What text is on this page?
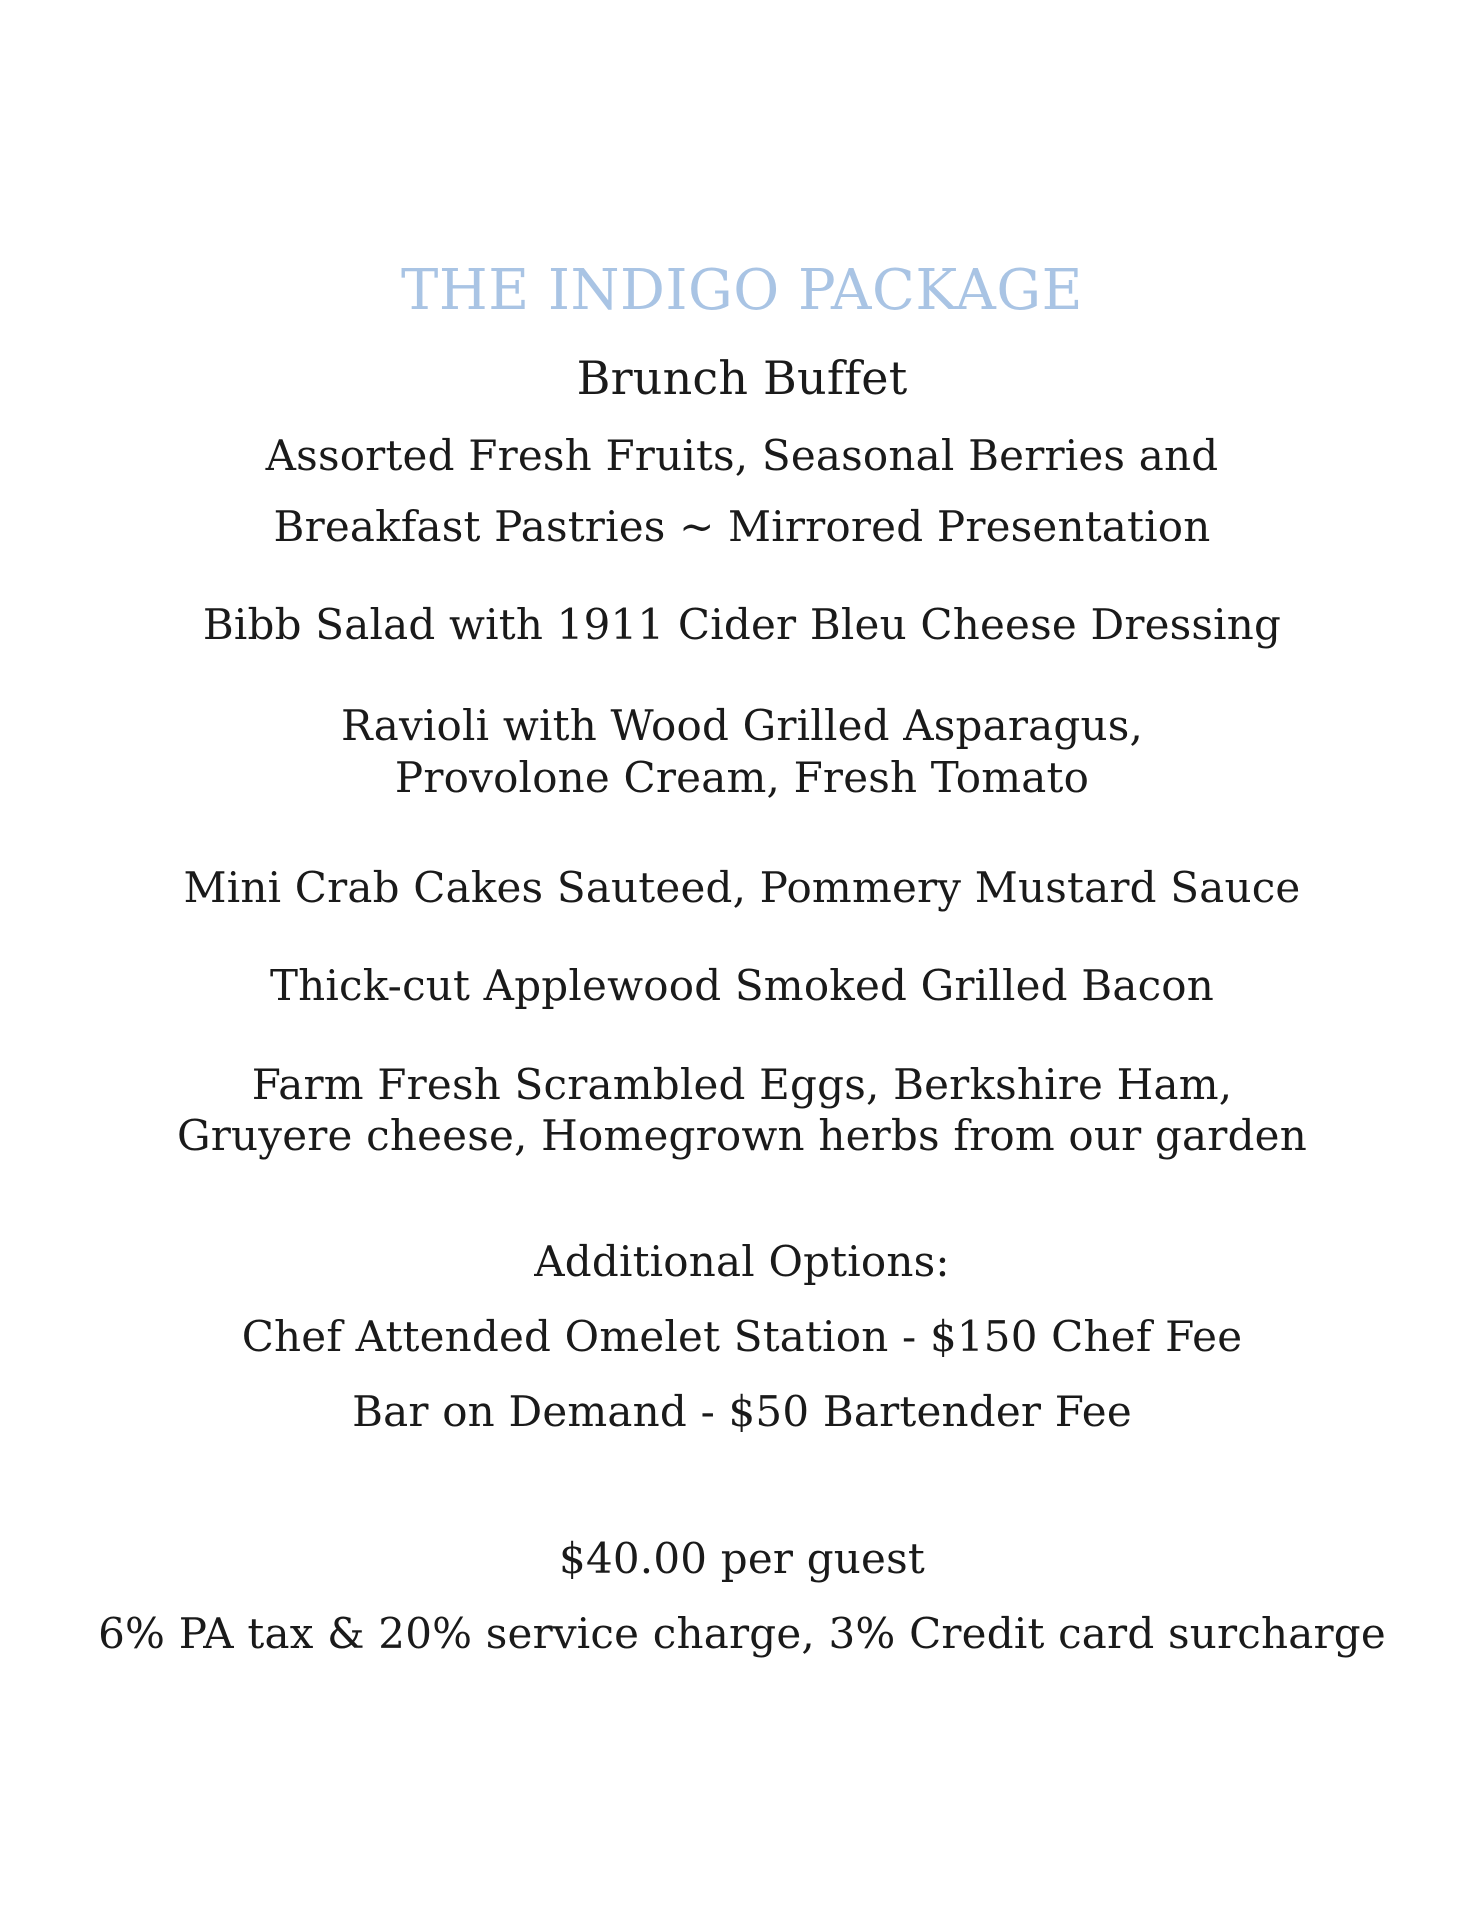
THE INDIGO PACKAGE
Brunch Buffet
Assorted Fresh Fruits, Seasonal Berries and
Breakfast Pastries ~ Mirrored Presentation
Bibb Salad with 1911 Cider Bleu Cheese Dressing
Ravioli with Wood Grilled Asparagus,
Provolone Cream, Fresh Tomato
Mini Crab Cakes Sauteed, Pommery Mustard Sauce
Thick-cut Applewood Smoked Grilled Bacon
Farm Fresh Scrambled Eggs, Berkshire Ham,
Gruyere cheese, Homegrown herbs from our garden
Additional Options:
Chef Attended Omelet Station - $150 Chef Fee
Bar on Demand - $50 Bartender Fee
$40.00 per guest
6% PA tax & 20% service charge, 3% Credit card surcharge
